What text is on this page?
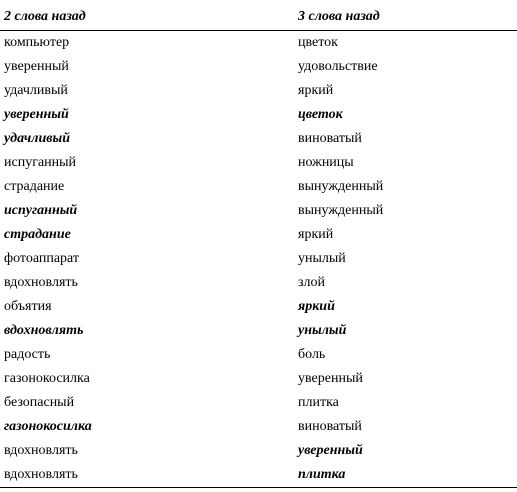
2 слова назад	3 слова назад
компьютер	цветок
уверенный	удовольствие
удачливый	яркий
уверенный	цветок
удачливый	виноватый
испуганный	ножницы
страдание	вынужденный
испуганный	вынужденный
страдание	яркий
фотоаппарат	унылый
вдохновлять	злой
объятия	яркий
вдохновлять	унылый
радость	боль
газонокосилка	уверенный
безопасный	плитка
газонокосилка	виноватый
вдохновлять	уверенный
вдохновлять	плитка
